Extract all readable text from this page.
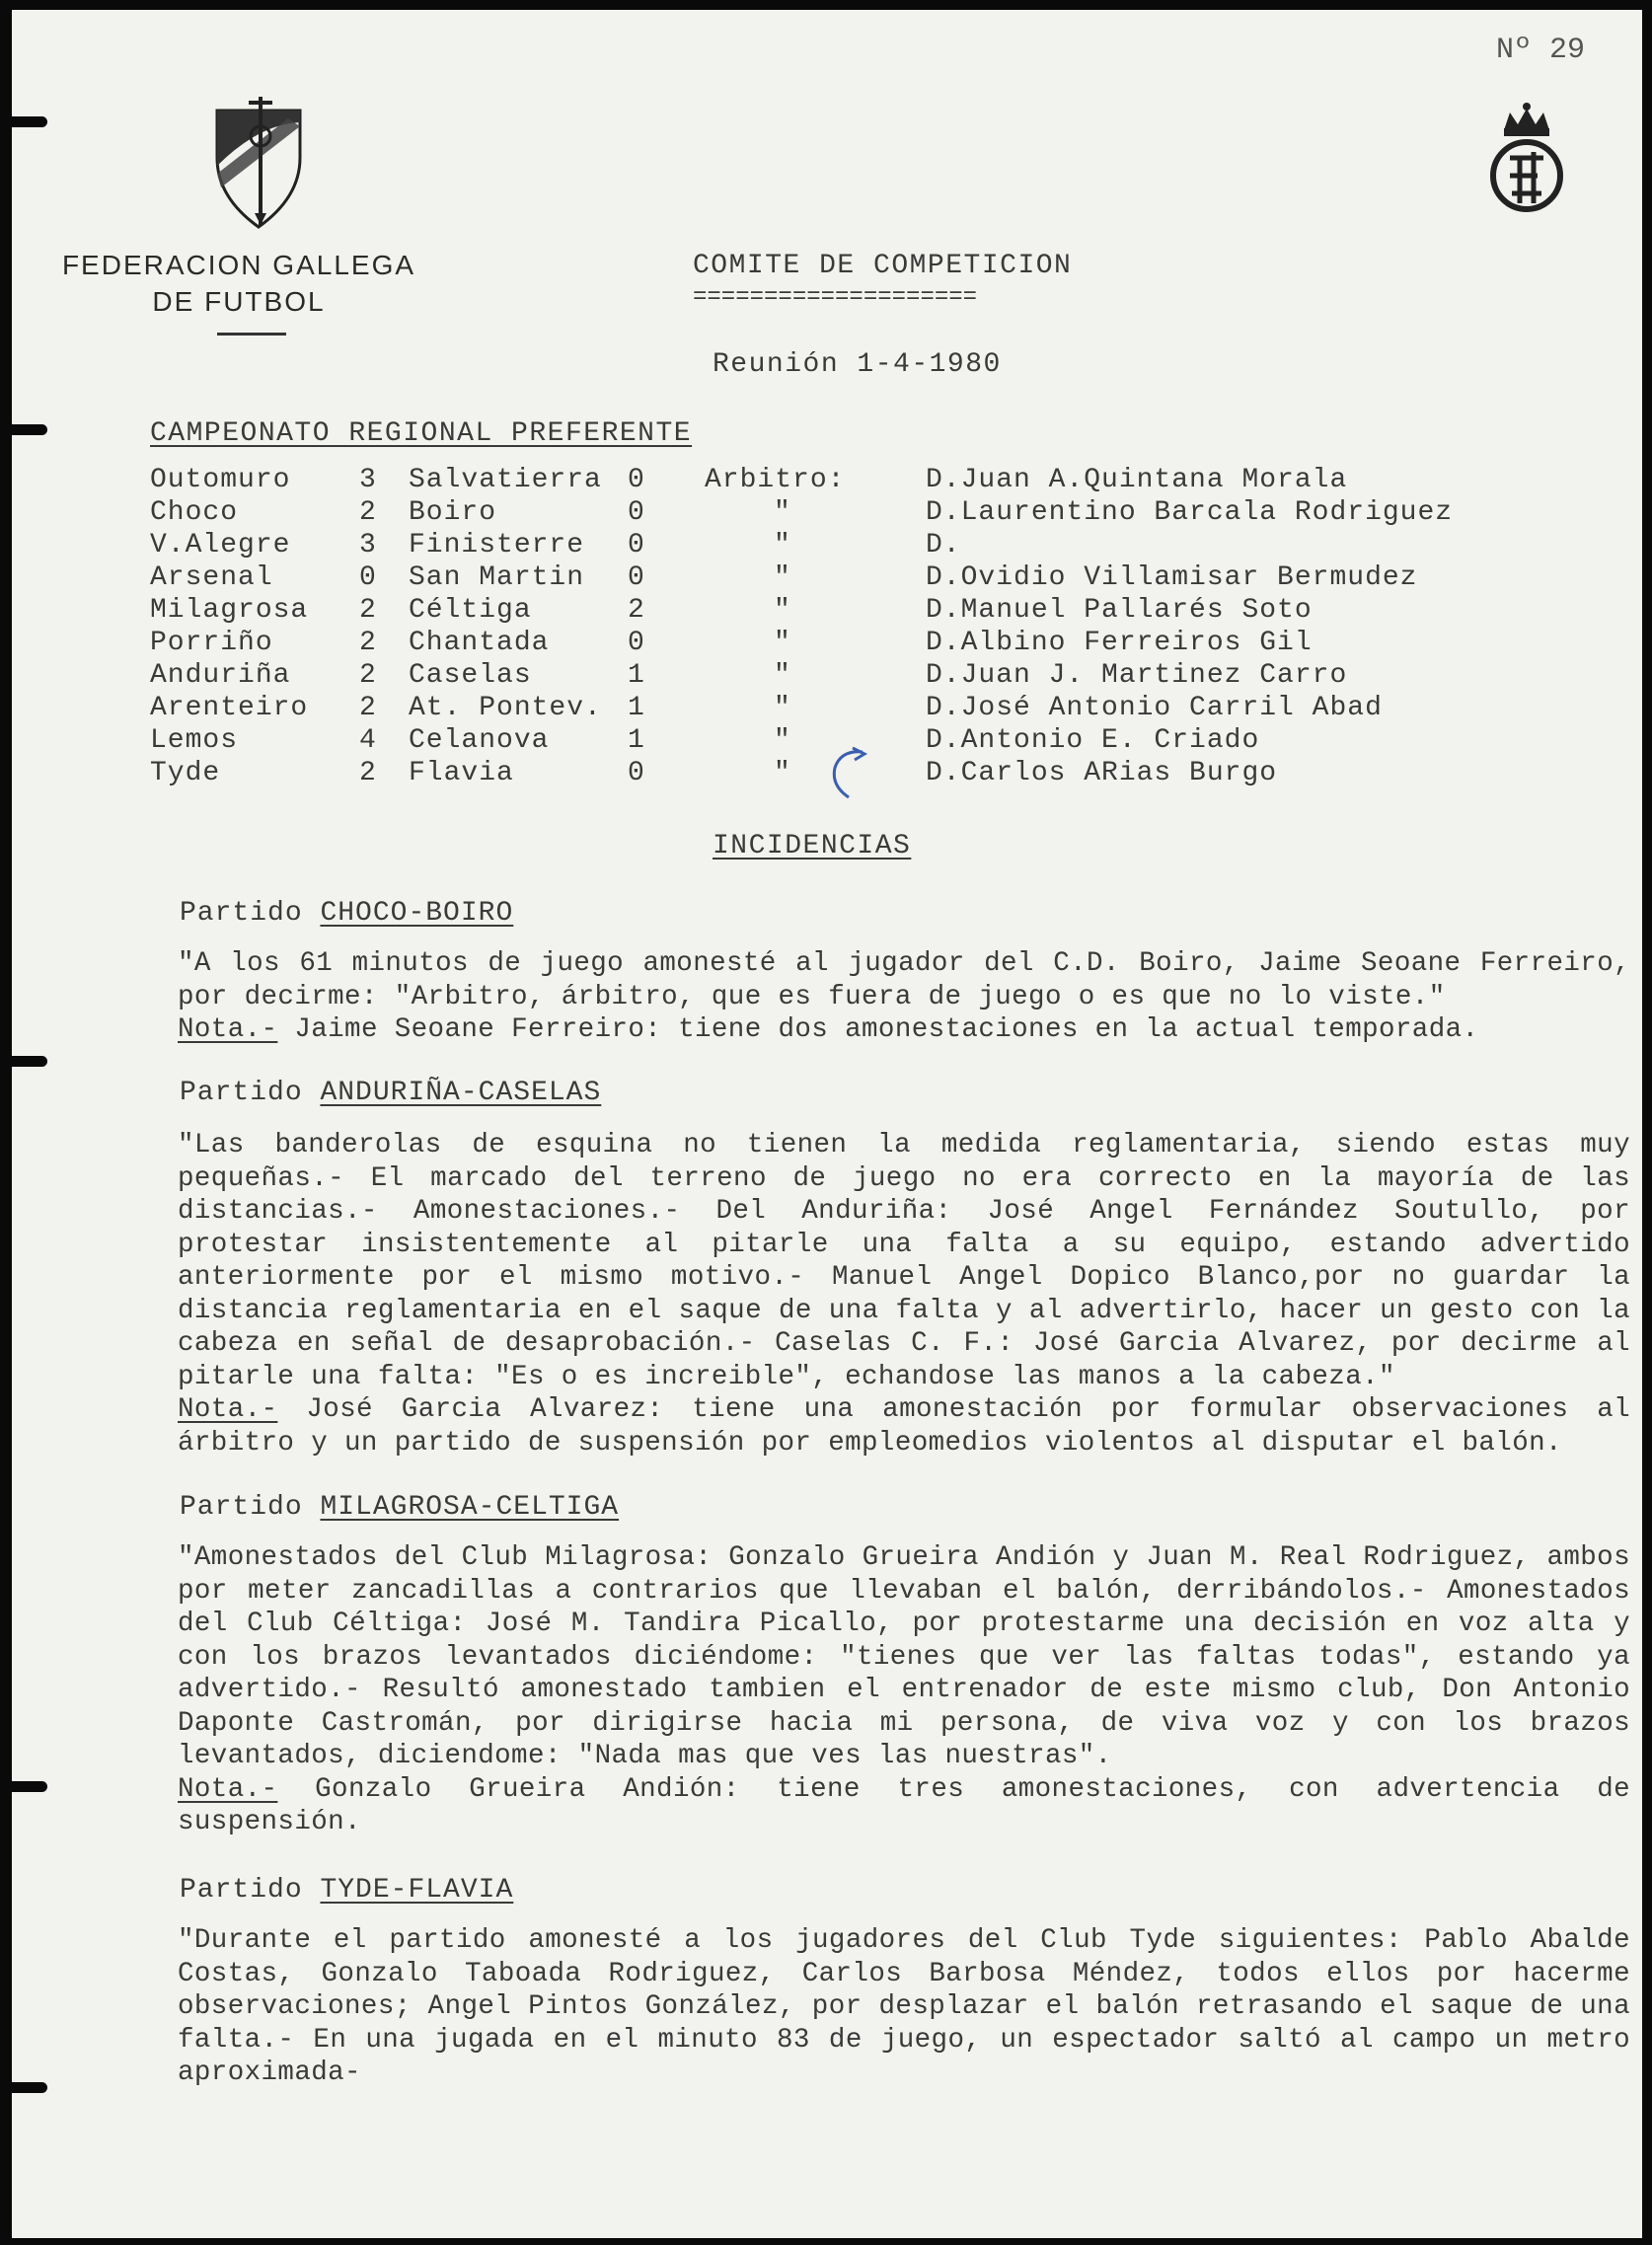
Nº 29
FEDERACION GALLEGA
DE FUTBOL
COMITE DE COMPETICION
====================
Reunión 1-4-1980
CAMPEONATO REGIONAL PREFERENTE
Outomuro	3	Salvatierra	0	Arbitro:	D.Juan A.Quintana Morala
Choco	2	Boiro	0	"	D.Laurentino Barcala Rodriguez
V.Alegre	3	Finisterre	0	"	D.
Arsenal	0	San Martin	0	"	D.Ovidio Villamisar Bermudez
Milagrosa	2	Céltiga	2	"	D.Manuel Pallarés Soto
Porriño	2	Chantada	0	"	D.Albino Ferreiros Gil
Anduriña	2	Caselas	1	"	D.Juan J. Martinez Carro
Arenteiro	2	At. Pontev.	1	"	D.José Antonio Carril Abad
Lemos	4	Celanova	1	"	D.Antonio E. Criado
Tyde	2	Flavia	0	"	D.Carlos ARias Burgo
INCIDENCIAS
Partido CHOCO-BOIRO
"A los 61 minutos de juego amonesté al jugador del C.D. Boiro, Jaime Seoane Ferreiro, por decirme: "Arbitro, árbitro, que es fuera de juego o es que no lo viste."
Nota.- Jaime Seoane Ferreiro: tiene dos amonestaciones en la actual temporada.
Partido ANDURIÑA-CASELAS
"Las banderolas de esquina no tienen la medida reglamentaria, siendo estas muy pequeñas.- El marcado del terreno de juego no era correcto en la mayoría de las distancias.- Amonestaciones.- Del Anduriña: José Angel Fernández Soutullo, por protestar insistentemente al pitarle una falta a su equipo, estando advertido anteriormente por el mismo motivo.- Manuel Angel Dopico Blanco,por no guardar la distancia reglamentaria en el saque de una falta y al advertirlo, hacer un gesto con la cabeza en señal de desaprobación.- Caselas C. F.: José Garcia Alvarez, por decirme al pitarle una falta: "Es o es increible", echandose las manos a la cabeza."
Nota.- José Garcia Alvarez: tiene una amonestación por formular observaciones al árbitro y un partido de suspensión por empleomedios violentos al disputar el balón.
Partido MILAGROSA-CELTIGA
"Amonestados del Club Milagrosa: Gonzalo Grueira Andión y Juan M. Real Rodriguez, ambos por meter zancadillas a contrarios que llevaban el balón, derribándolos.- Amonestados del Club Céltiga: José M. Tandira Picallo, por protestarme una decisión en voz alta y con los brazos levantados diciéndome: "tienes que ver las faltas todas", estando ya advertido.- Resultó amonestado tambien el entrenador de este mismo club, Don Antonio Daponte Castromán, por dirigirse hacia mi persona, de viva voz y con los brazos levantados, diciendome: "Nada mas que ves las nuestras".
Nota.- Gonzalo Grueira Andión: tiene tres amonestaciones, con advertencia de suspensión.
Partido TYDE-FLAVIA
"Durante el partido amonesté a los jugadores del Club Tyde siguientes: Pablo Abalde Costas, Gonzalo Taboada Rodriguez, Carlos Barbosa Méndez, todos ellos por hacerme observaciones; Angel Pintos González, por desplazar el balón retrasando el saque de una falta.- En una jugada en el minuto 83 de juego, un espectador saltó al campo un metro aproximada-
